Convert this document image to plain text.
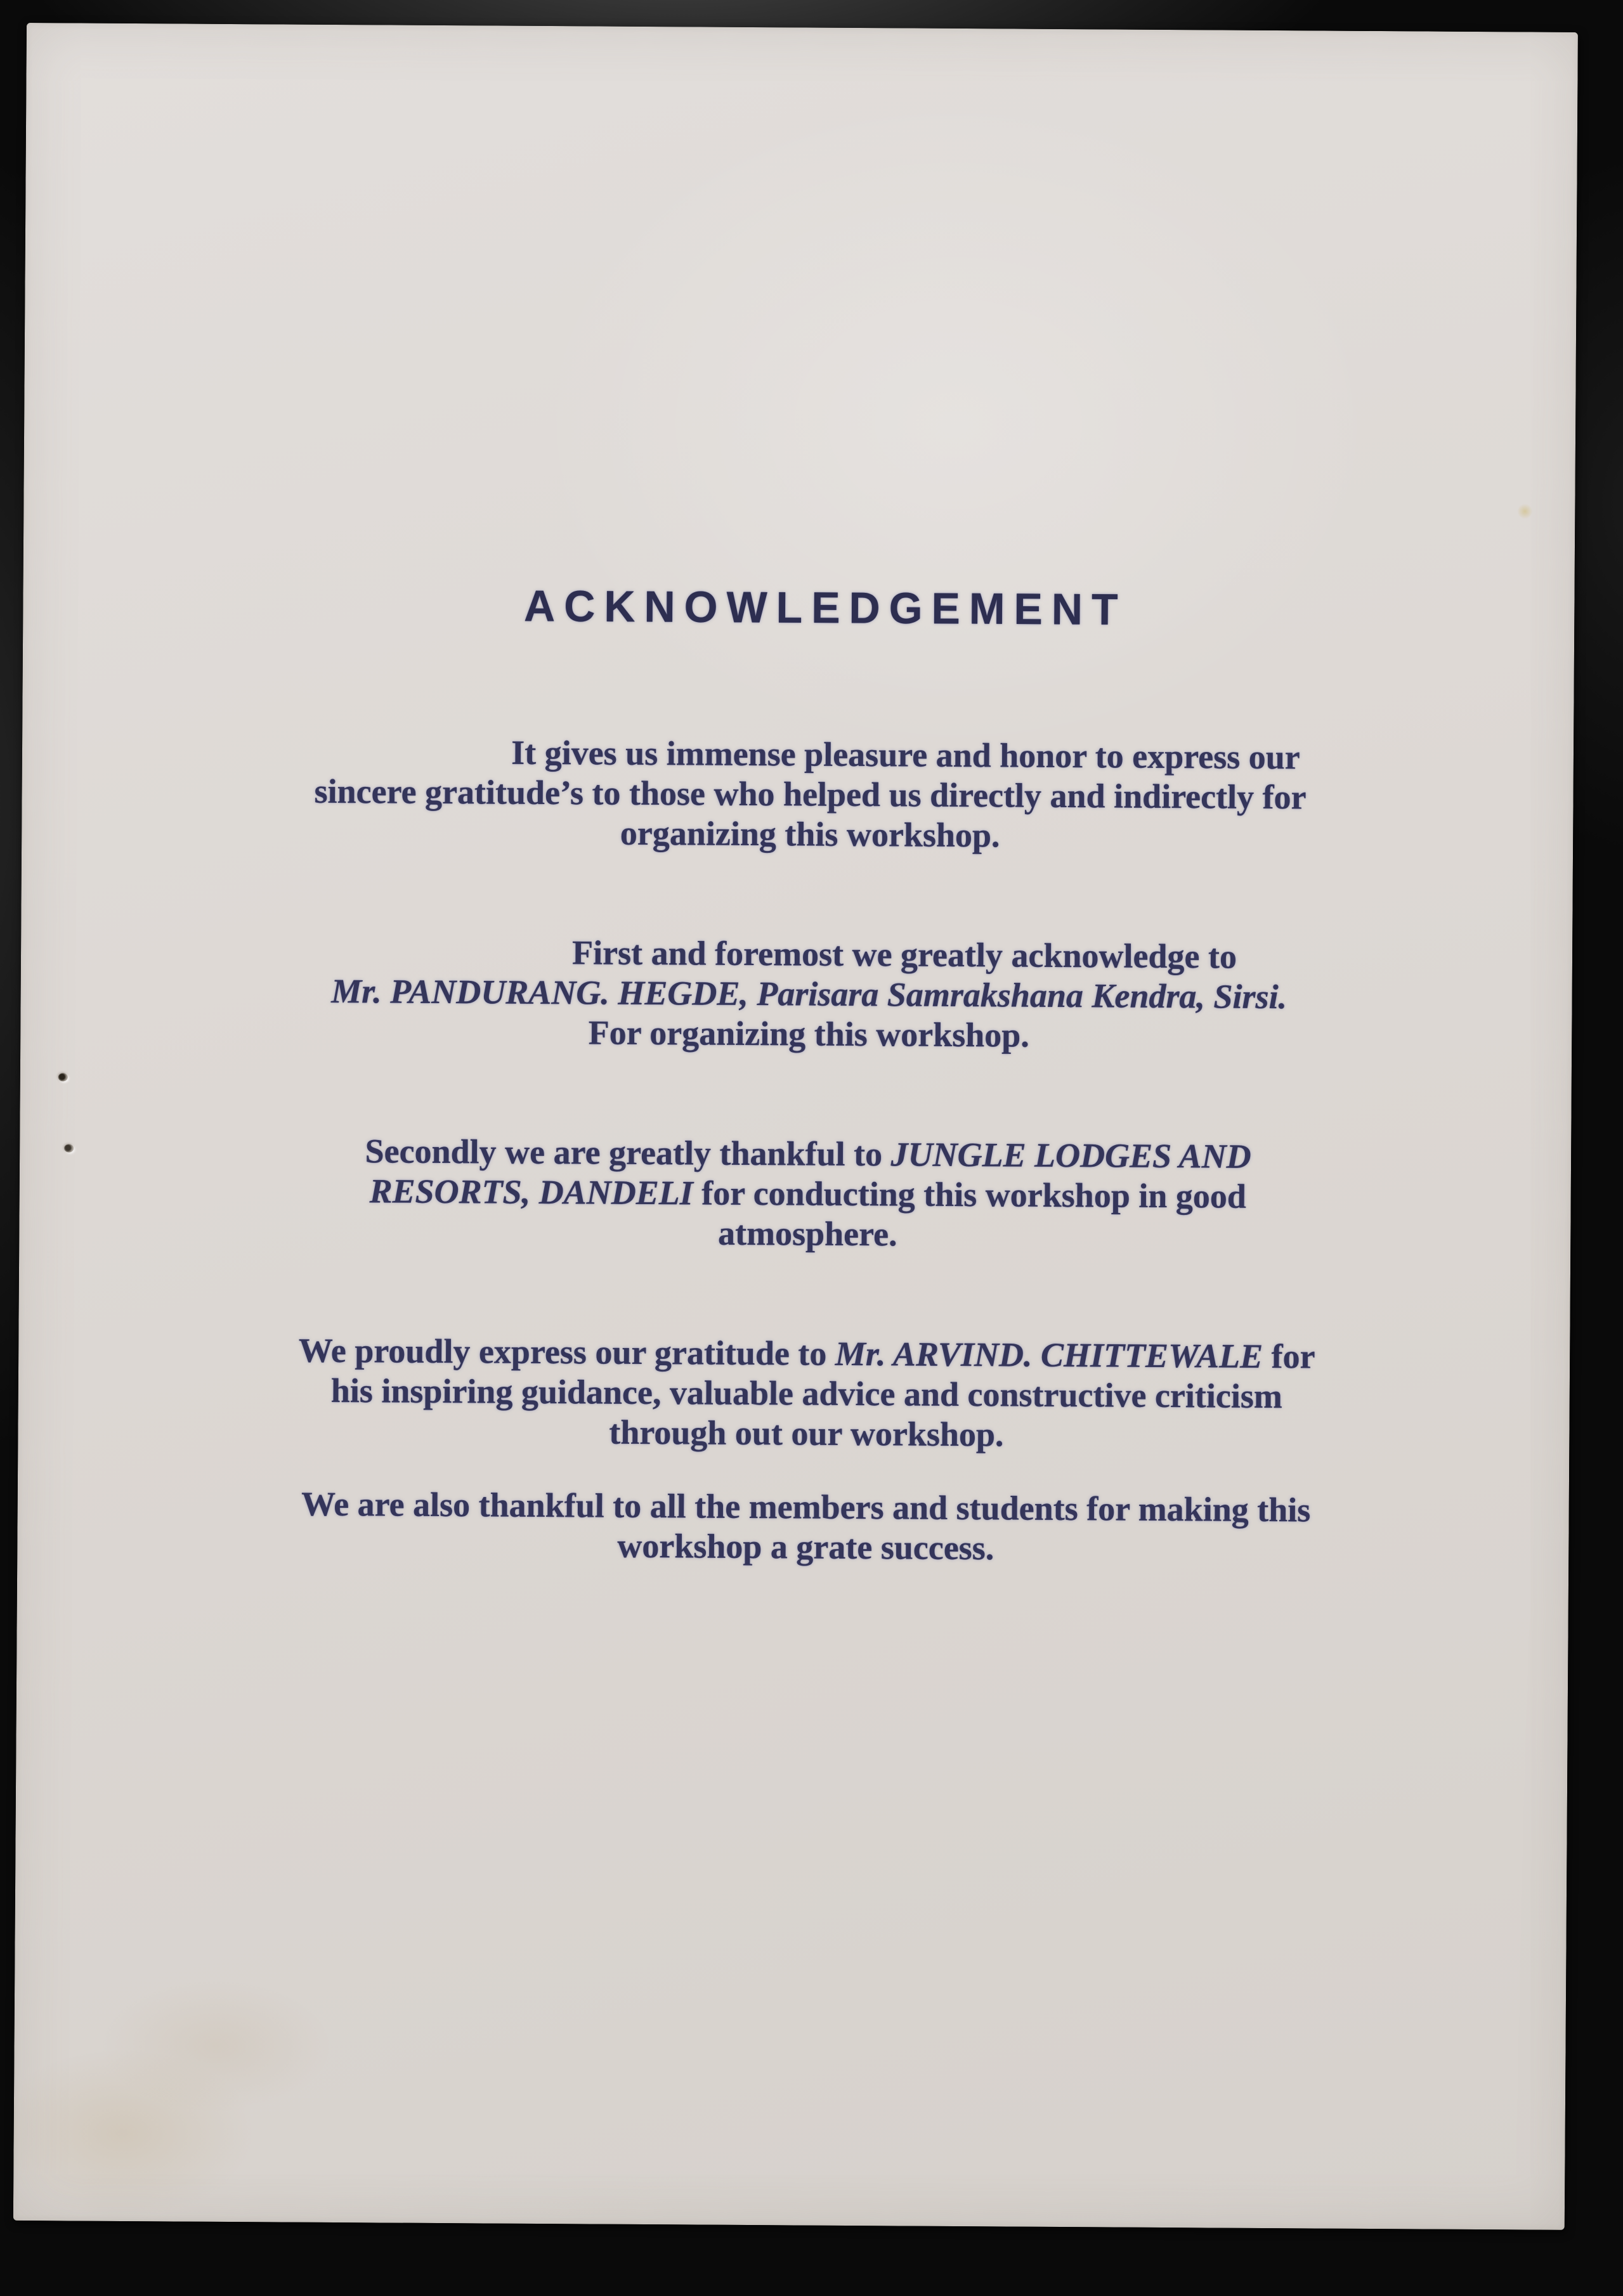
ACKNOWLEDGEMENT
It gives us immense pleasure and honor to express our
sincere gratitude’s to those who helped us directly and indirectly for
organizing this workshop.
First and foremost we greatly acknowledge to
Mr. PANDURANG. HEGDE, Parisara Samrakshana Kendra, Sirsi.
For organizing this workshop.
Secondly we are greatly thankful to JUNGLE LODGES AND
RESORTS, DANDELI for conducting this workshop in good
atmosphere.
We proudly express our gratitude to Mr. ARVIND. CHITTEWALE for
his inspiring guidance, valuable advice and constructive criticism
through out our workshop.
We are also thankful to all the members and students for making this
workshop a grate success.
